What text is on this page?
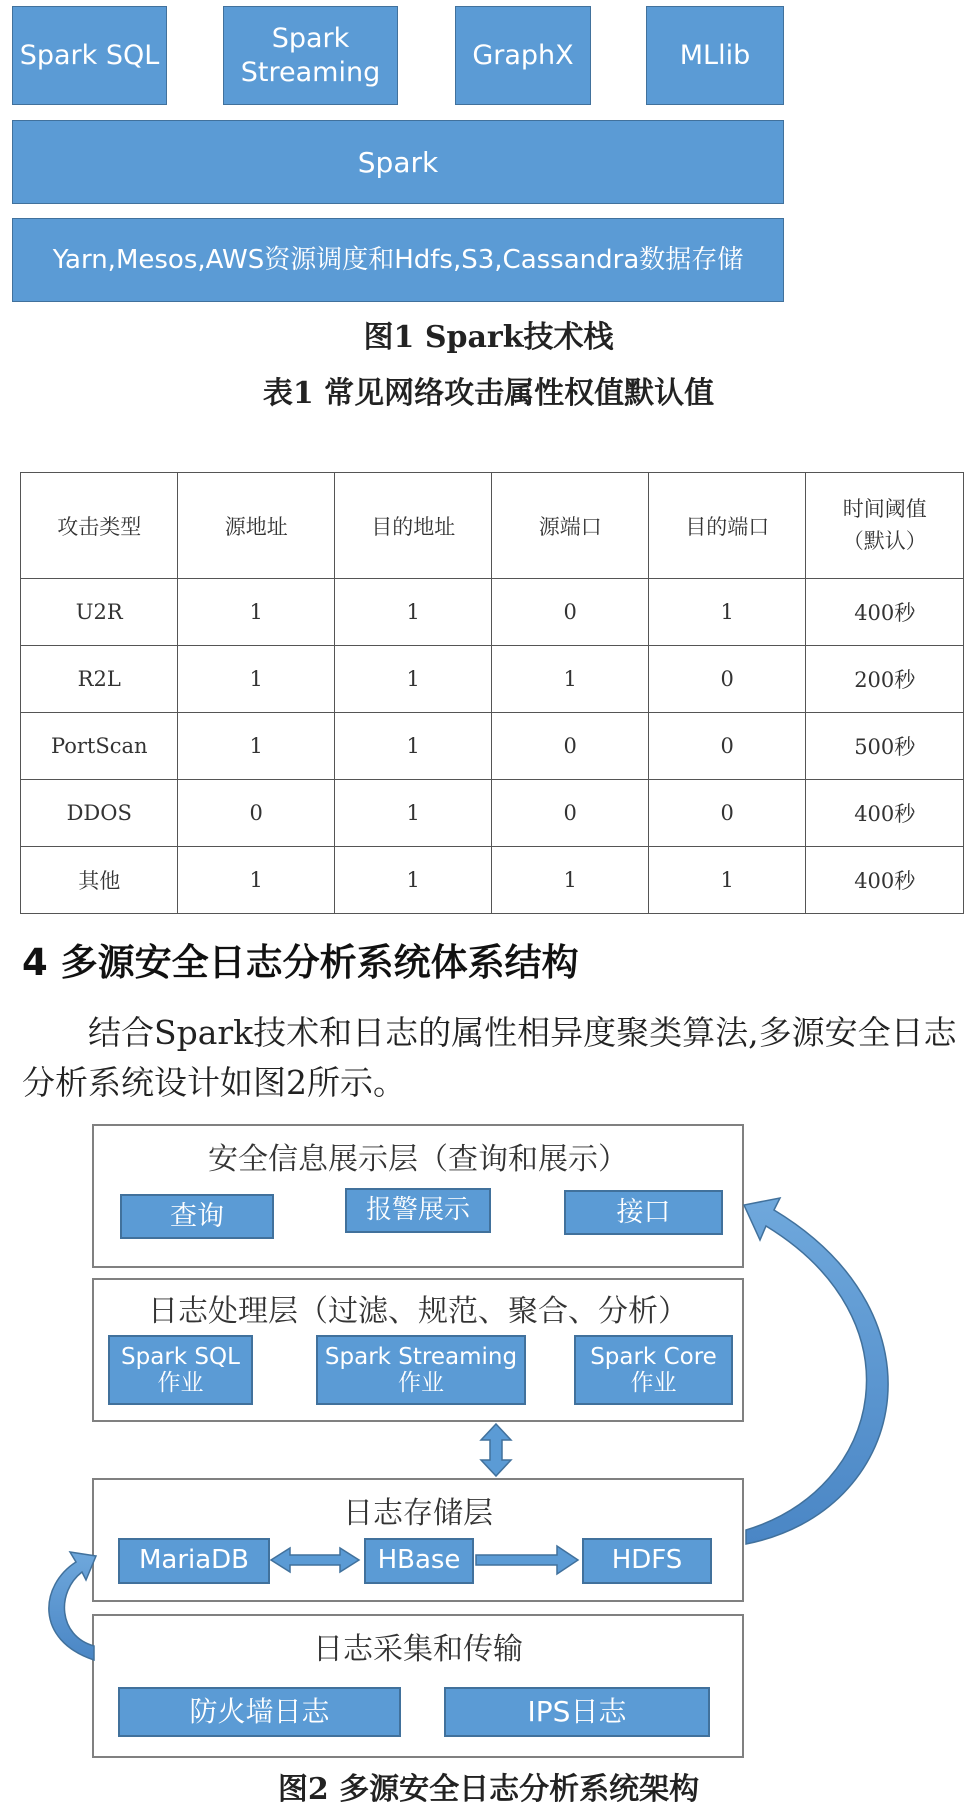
Spark SQL
Spark Streaming
GraphX	MLlib
Spark
Yarn,Mesos,AWS资源调度和Hdfs,S3,Cassandra数据存储
图1 Spark技术栈
表1 常见网络攻击属性权值默认值
攻击类型	源地址	目的地址	源端口	目的端口	时间阈值（默认）
U2R	1	1	0	1	400秒
R2L	1	1	1	0	200秒
PortScan	1	1	0	0	500秒
DDOS	0	1	0	0	400秒
其他	1	1	1	1	400秒
4 多源安全日志分析系统体系结构

结合Spark技术和日志的属性相异度聚类算法,多源安全日志分析系统设计如图2所示。

安全信息展示层（查询和展示）
查询	报警展示	接口
日志处理层（过滤、规范、聚合、分析）
Spark SQL 作业
Spark Streaming 作业
Spark Core 作业
日志存储层
MariaDB	HBase	HDFS
日志采集和传输
防火墙日志	IPS日志
图2 多源安全日志分析系统架构
